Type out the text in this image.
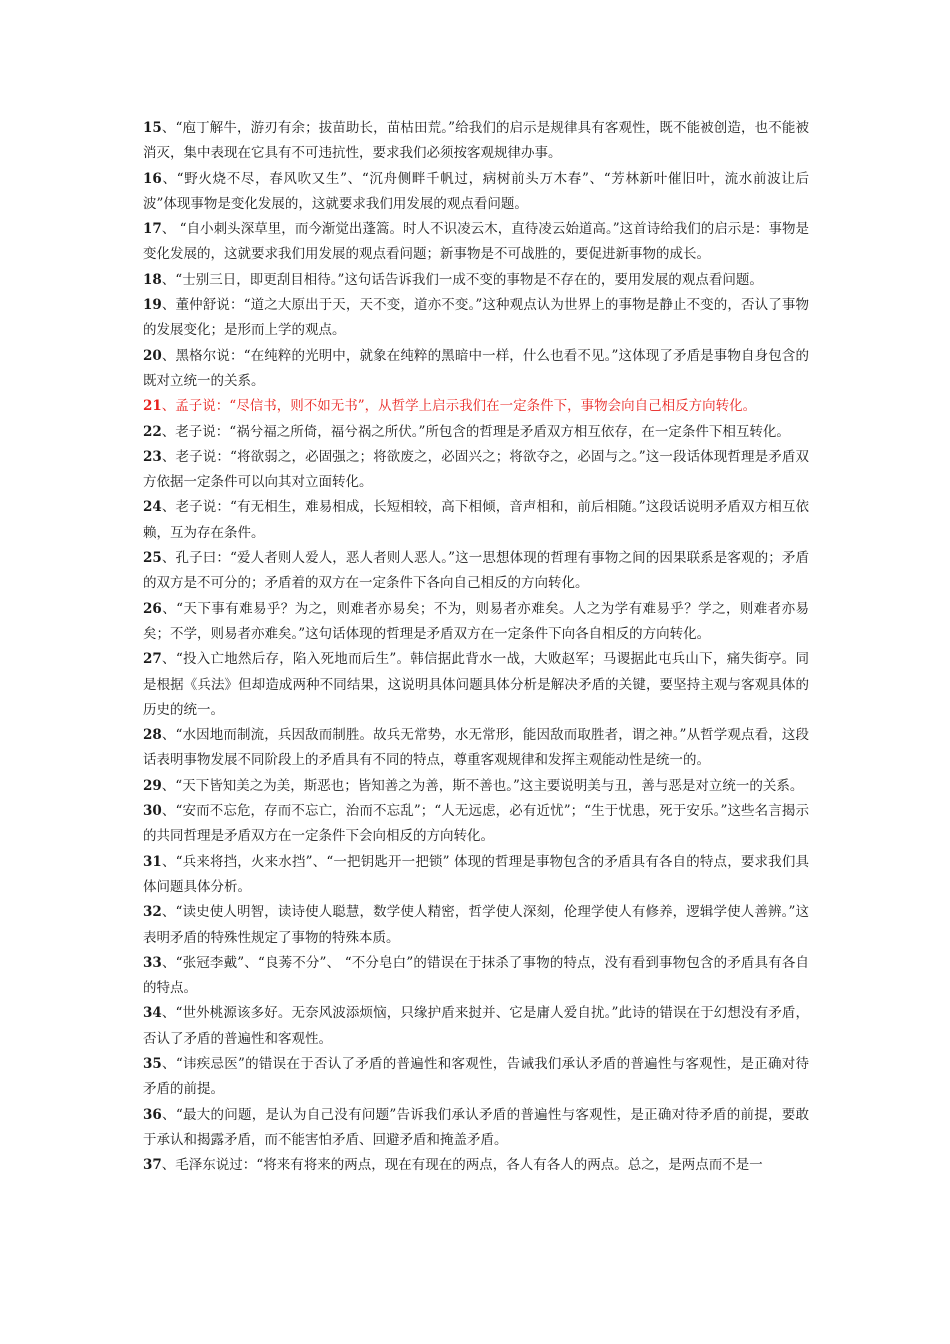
15、“庖丁解牛，游刃有余；拔苗助长，苗枯田荒。”给我们的启示是规律具有客观性，既不能被创造，也不能被消灭，集中表现在它具有不可违抗性，要求我们必须按客观规律办事。

16、“野火烧不尽，春风吹又生”、“沉舟侧畔千帆过，病树前头万木春”、“芳林新叶催旧叶，流水前波让后波”体现事物是变化发展的，这就要求我们用发展的观点看问题。

17、 “自小刺头深草里，而今渐觉出蓬篙。时人不识凌云木，直待凌云始道高。”这首诗给我们的启示是：事物是变化发展的，这就要求我们用发展的观点看问题；新事物是不可战胜的，要促进新事物的成长。

18、“士别三日，即更刮目相待。”这句话告诉我们一成不变的事物是不存在的，要用发展的观点看问题。

19、董仲舒说：“道之大原出于天，天不变，道亦不变。”这种观点认为世界上的事物是静止不变的，否认了事物的发展变化；是形而上学的观点。

20、黑格尔说：“在纯粹的光明中，就象在纯粹的黑暗中一样，什么也看不见。”这体现了矛盾是事物自身包含的既对立统一的关系。

21、孟子说：“尽信书，则不如无书”，从哲学上启示我们在一定条件下，事物会向自己相反方向转化。

22、老子说：“祸兮福之所倚，福兮祸之所伏。”所包含的哲理是矛盾双方相互依存，在一定条件下相互转化。

23、老子说：“将欲弱之，必固强之；将欲废之，必固兴之；将欲夺之，必固与之。”这一段话体现哲理是矛盾双方依据一定条件可以向其对立面转化。

24、老子说：“有无相生，难易相成，长短相较，高下相倾，音声相和，前后相随。”这段话说明矛盾双方相互依赖，互为存在条件。

25、孔子曰：“爱人者则人爱人，恶人者则人恶人。”这一思想体现的哲理有事物之间的因果联系是客观的；矛盾的双方是不可分的；矛盾着的双方在一定条件下各向自己相反的方向转化。

26、“天下事有难易乎？为之，则难者亦易矣；不为，则易者亦难矣。人之为学有难易乎？学之，则难者亦易矣；不学，则易者亦难矣。”这句话体现的哲理是矛盾双方在一定条件下向各自相反的方向转化。

27、“投入亡地然后存，陷入死地而后生”。韩信据此背水一战，大败赵军；马谡据此屯兵山下，痛失街亭。同是根据《兵法》但却造成两种不同结果，这说明具体问题具体分析是解决矛盾的关键，要坚持主观与客观具体的历史的统一。

28、“水因地而制流，兵因敌而制胜。故兵无常势，水无常形，能因敌而取胜者，谓之神。”从哲学观点看，这段话表明事物发展不同阶段上的矛盾具有不同的特点，尊重客观规律和发挥主观能动性是统一的。

29、“天下皆知美之为美，斯恶也；皆知善之为善，斯不善也。”这主要说明美与丑，善与恶是对立统一的关系。

30、“安而不忘危，存而不忘亡，治而不忘乱”；“人无远虑，必有近忧”；“生于忧患，死于安乐。”这些名言揭示的共同哲理是矛盾双方在一定条件下会向相反的方向转化。

31、“兵来将挡，火来水挡”、“一把钥匙开一把锁” 体现的哲理是事物包含的矛盾具有各自的特点，要求我们具体问题具体分析。

32、“读史使人明智，读诗使人聪慧，数学使人精密，哲学使人深刻，伦理学使人有修养，逻辑学使人善辨。”这表明矛盾的特殊性规定了事物的特殊本质。

33、“张冠李戴”、“良莠不分”、 “不分皂白”的错误在于抹杀了事物的特点，没有看到事物包含的矛盾具有各自的特点。

34、“世外桃源该多好。无奈风波添烦恼，只缘护盾来挝并、它是庸人爱自扰。”此诗的错误在于幻想没有矛盾，否认了矛盾的普遍性和客观性。

35、“讳疾忌医”的错误在于否认了矛盾的普遍性和客观性，告诫我们承认矛盾的普遍性与客观性，是正确对待矛盾的前提。

36、“最大的问题，是认为自己没有问题”告诉我们承认矛盾的普遍性与客观性，是正确对待矛盾的前提，要敢于承认和揭露矛盾，而不能害怕矛盾、回避矛盾和掩盖矛盾。

37、毛泽东说过：“将来有将来的两点，现在有现在的两点，各人有各人的两点。总之，是两点而不是一
